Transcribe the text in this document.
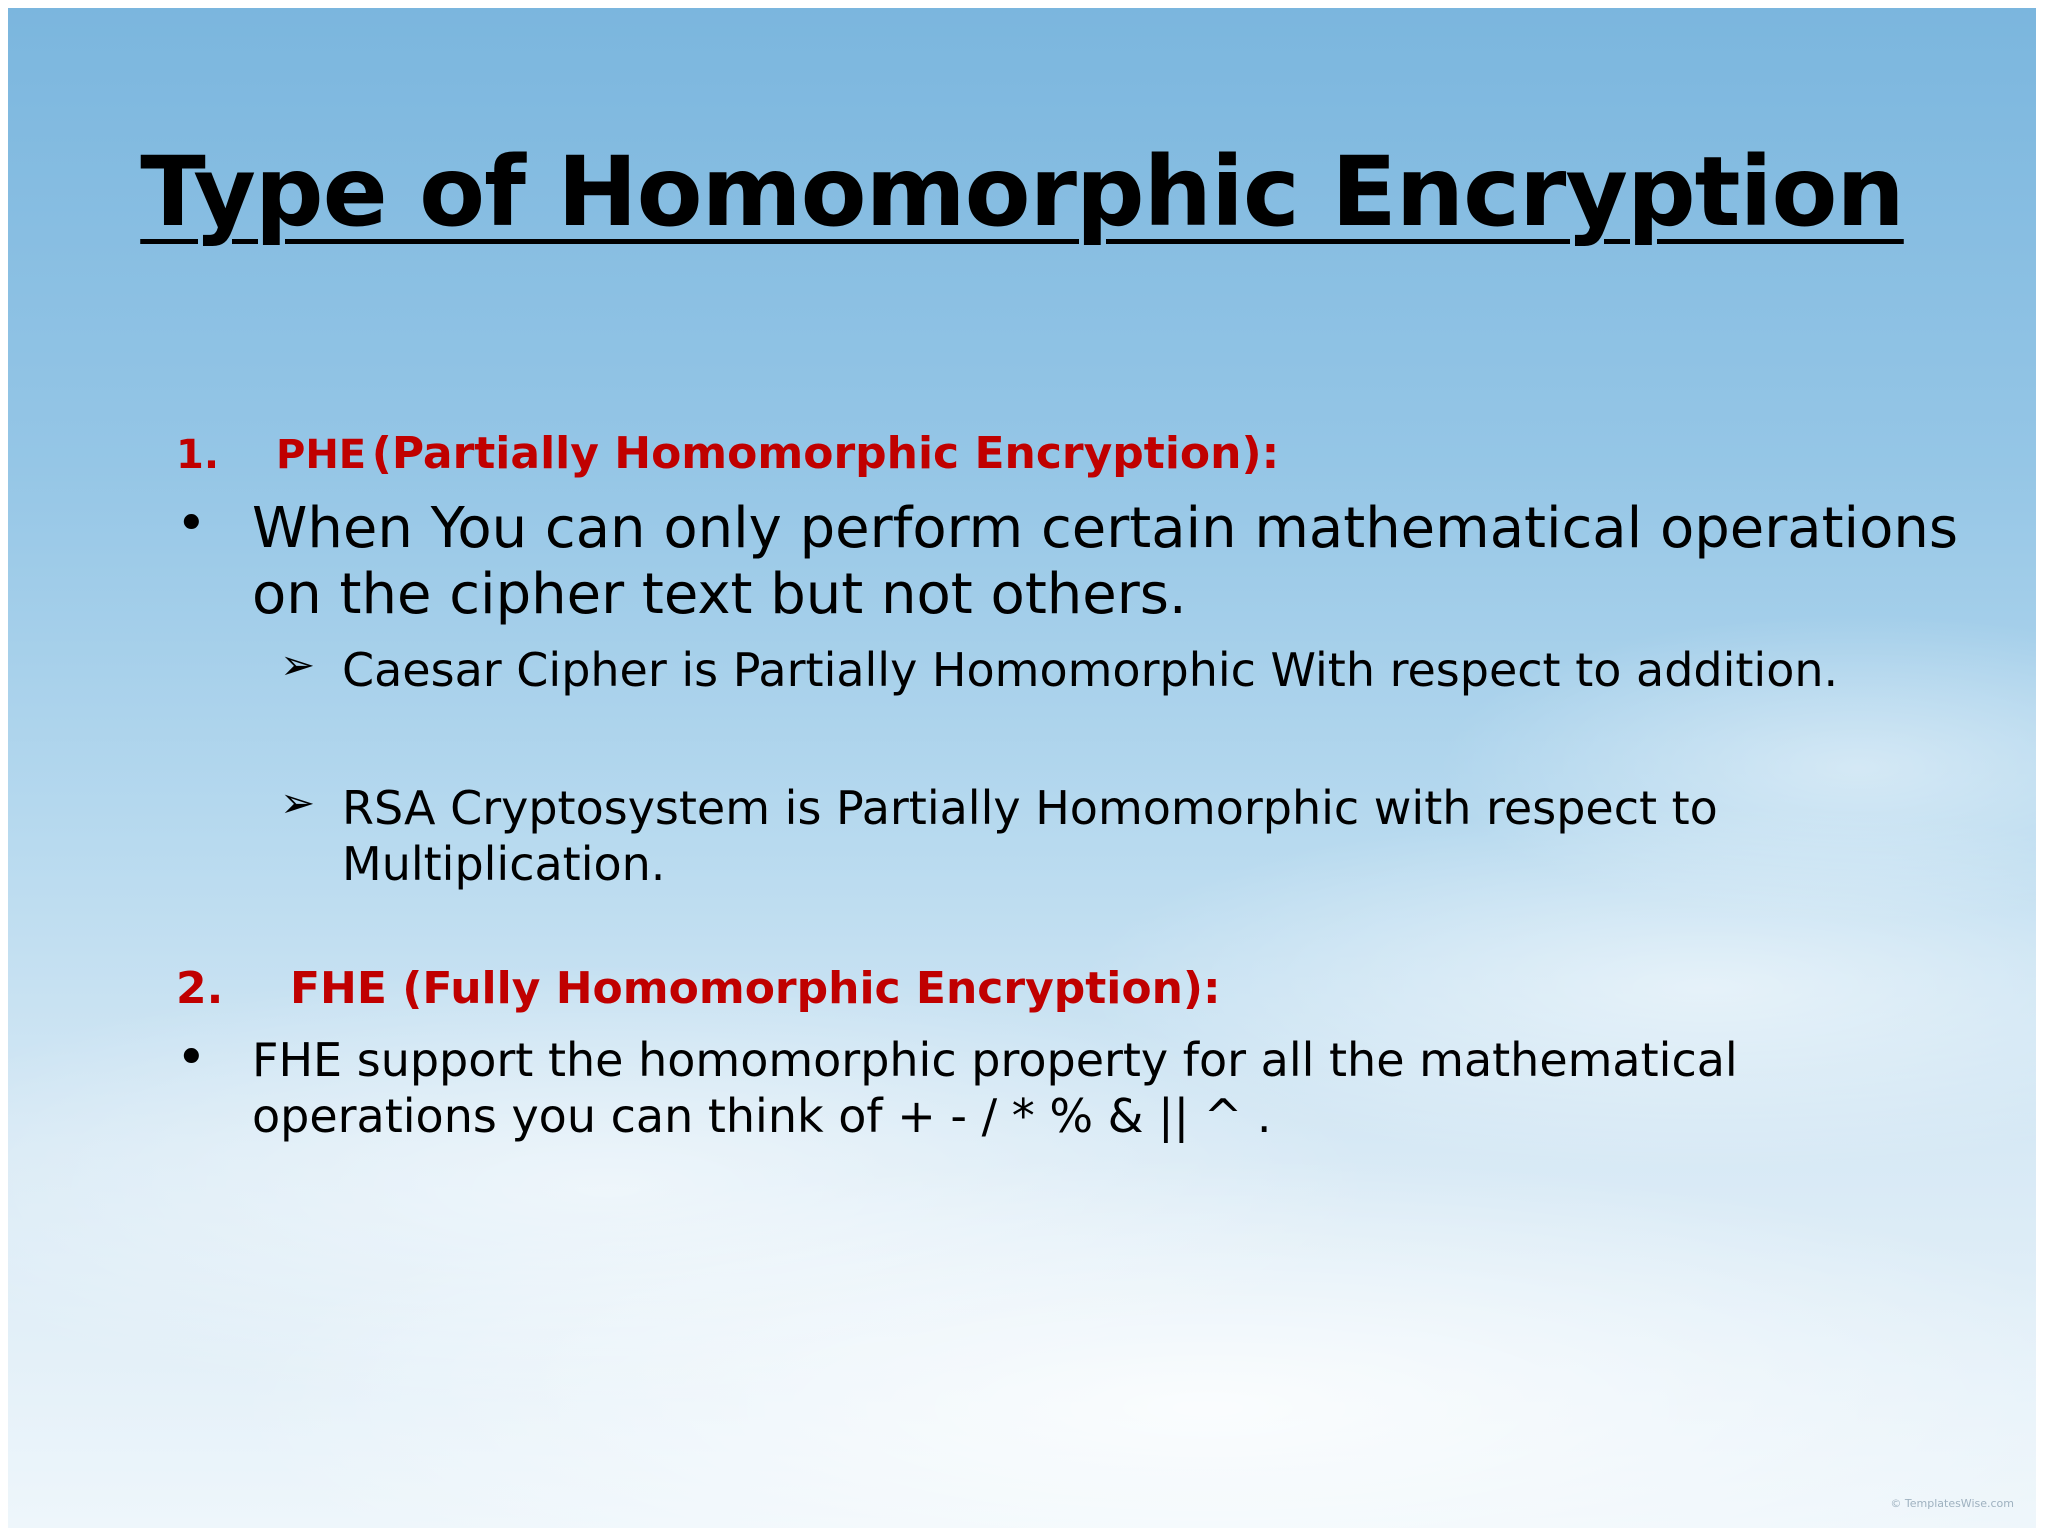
Type of Homomorphic Encryption
1. PHE (Partially Homomorphic Encryption):
• When You can only perform certain mathematical operations
on the cipher text but not others.
➢ Caesar Cipher is Partially Homomorphic With respect to addition.
➢ RSA Cryptosystem is Partially Homomorphic with respect to
Multiplication.
2. FHE (Fully Homomorphic Encryption):
• FHE support the homomorphic property for all the mathematical
operations you can think of + - / * % & || ^ .
© TemplatesWise.com
